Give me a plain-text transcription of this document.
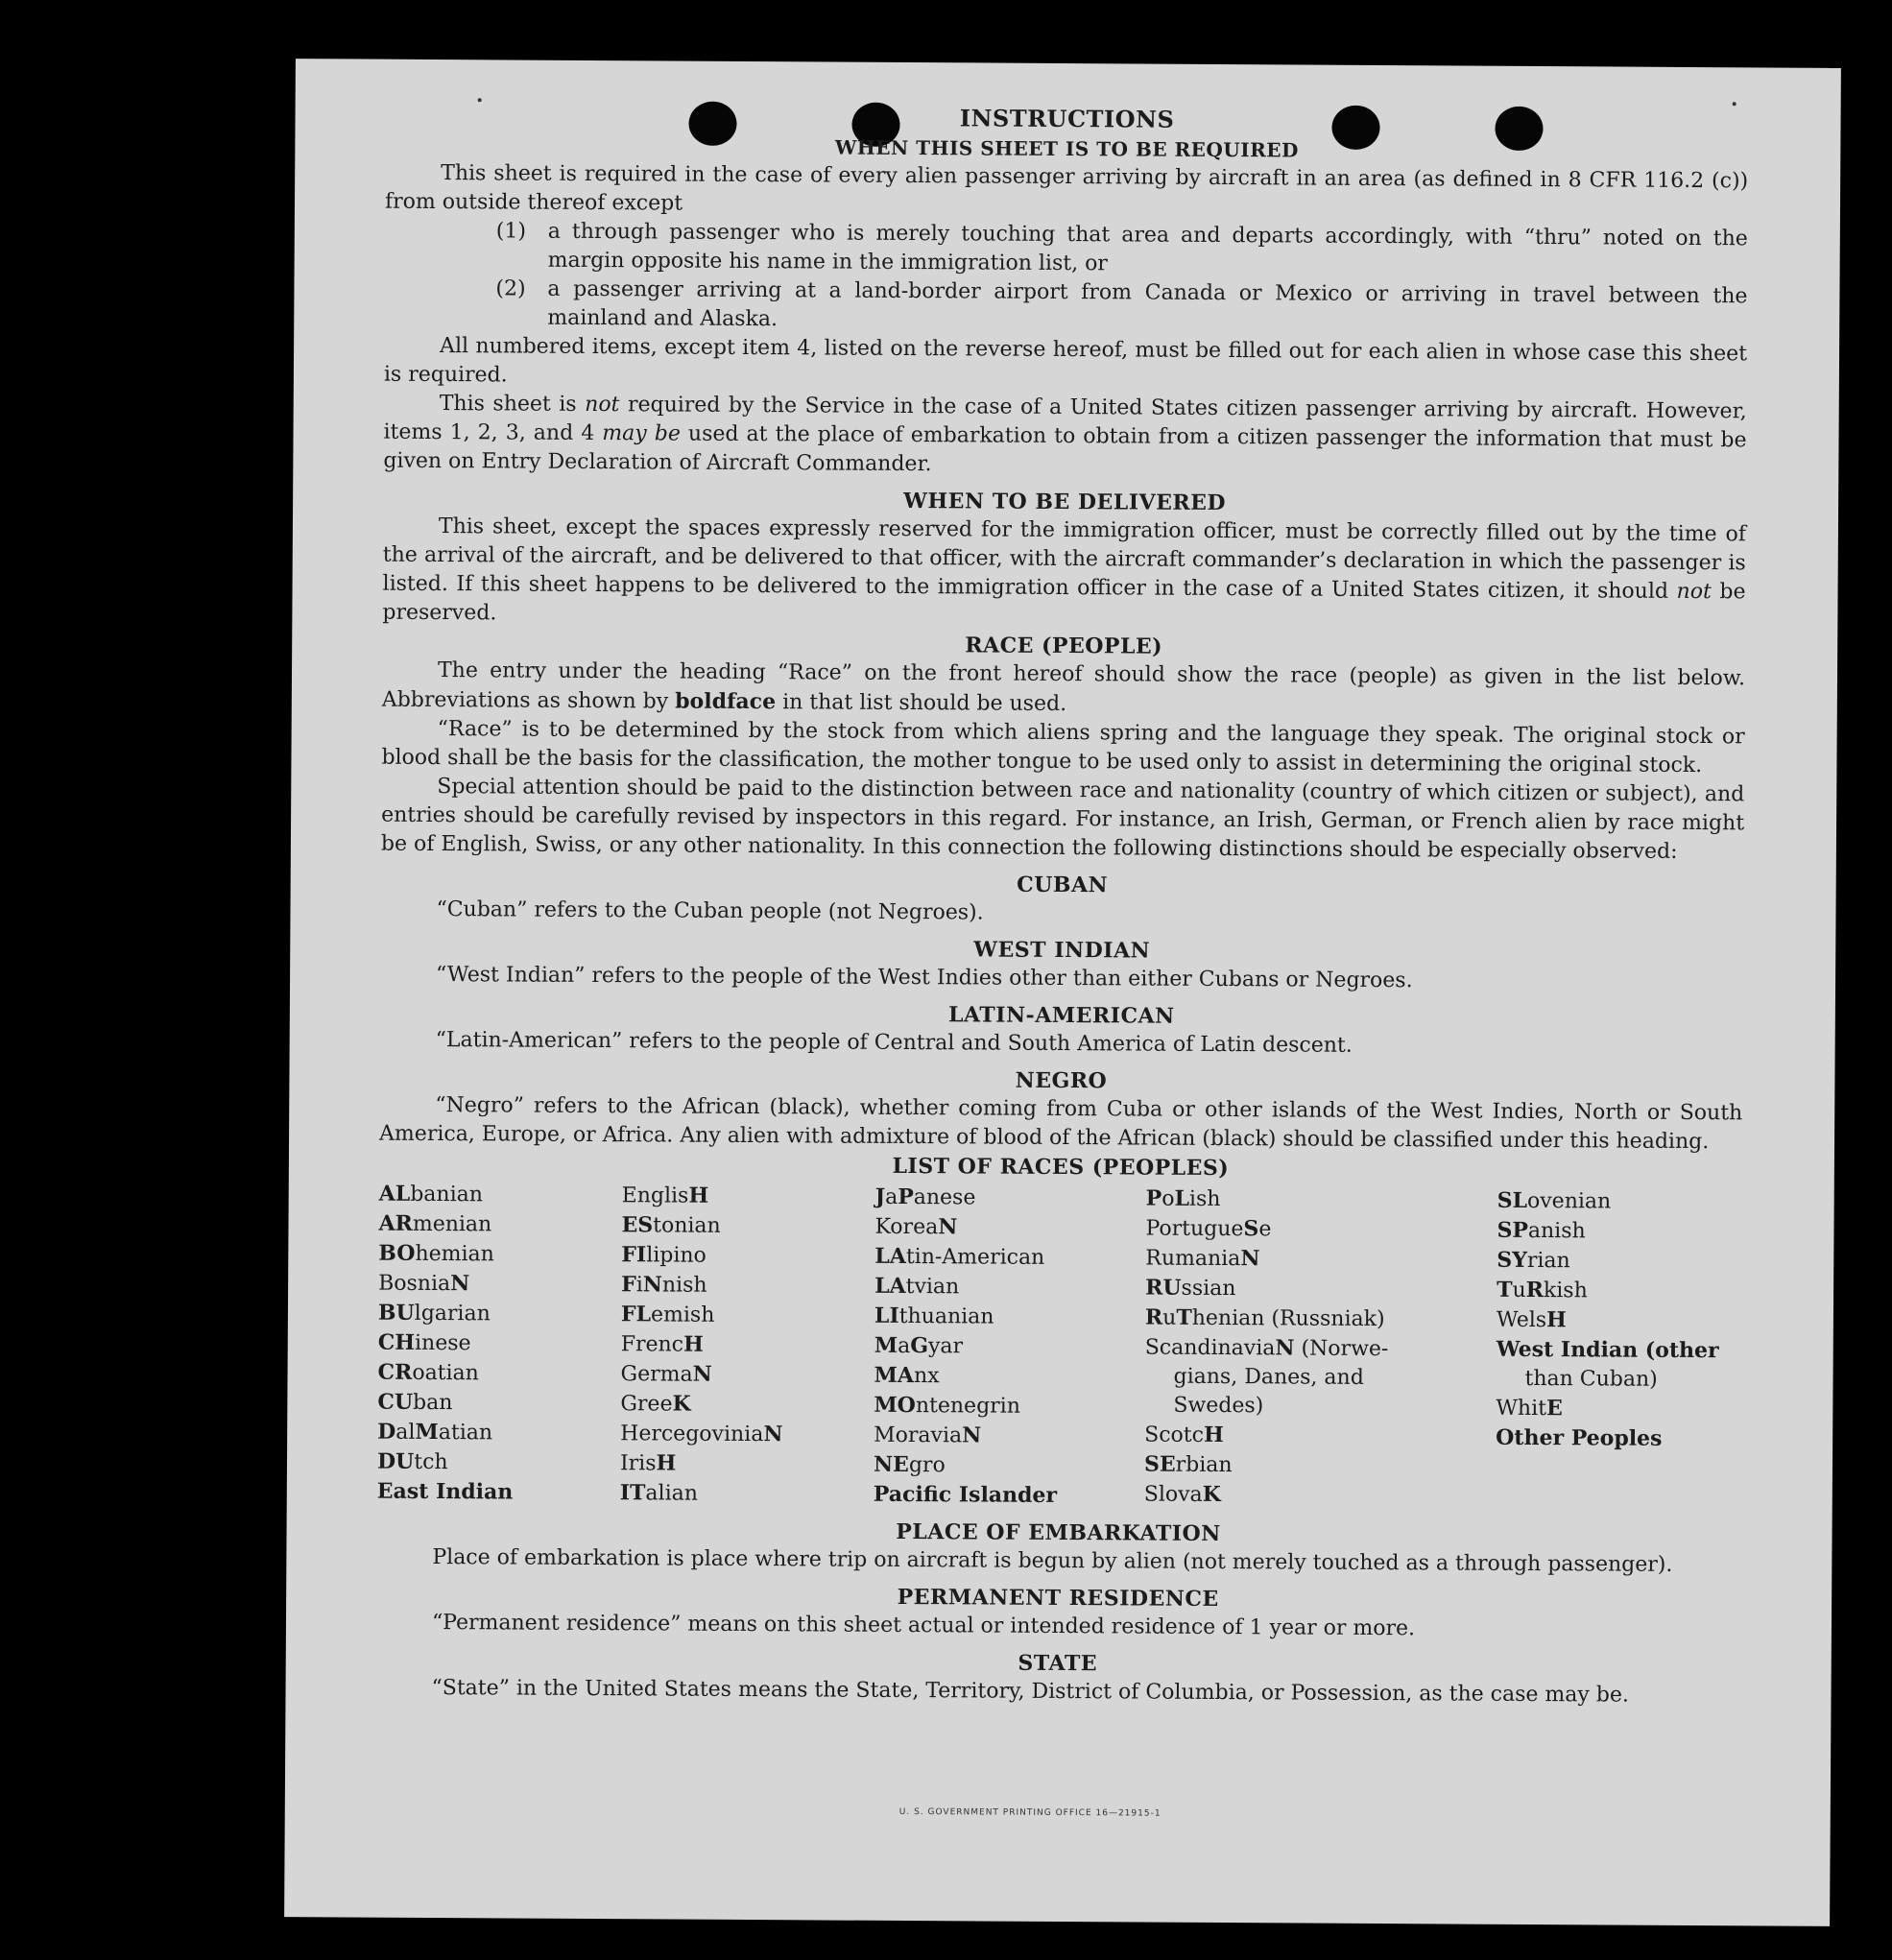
INSTRUCTIONS

WHEN THIS SHEET IS TO BE REQUIRED

This sheet is required in the case of every alien passenger arriving by aircraft in an area (as defined in 8 CFR 116.2 (c)) from outside thereof except

(1)	a through passenger who is merely touching that area and departs accordingly, with “thru” noted on the margin opposite his name in the immigration list, or

(2)	a passenger arriving at a land-border airport from Canada or Mexico or arriving in travel between the mainland and Alaska.

All numbered items, except item 4, listed on the reverse hereof, must be filled out for each alien in whose case this sheet is required.

This sheet is not required by the Service in the case of a United States citizen passenger arriving by aircraft. However, items 1, 2, 3, and 4 may be used at the place of embarkation to obtain from a citizen passenger the information that must be given on Entry Declaration of Aircraft Commander.

WHEN TO BE DELIVERED

This sheet, except the spaces expressly reserved for the immigration officer, must be correctly filled out by the time of the arrival of the aircraft, and be delivered to that officer, with the aircraft commander’s declaration in which the passenger is listed. If this sheet happens to be delivered to the immigration officer in the case of a United States citizen, it should not be preserved.

RACE (PEOPLE)

The entry under the heading “Race” on the front hereof should show the race (people) as given in the list below. Abbreviations as shown by boldface in that list should be used.

“Race” is to be determined by the stock from which aliens spring and the language they speak. The original stock or blood shall be the basis for the classification, the mother tongue to be used only to assist in determining the original stock.

Special attention should be paid to the distinction between race and nationality (country of which citizen or subject), and entries should be carefully revised by inspectors in this regard. For instance, an Irish, German, or French alien by race might be of English, Swiss, or any other nationality. In this connection the following distinctions should be especially observed:

CUBAN

“Cuban” refers to the Cuban people (not Negroes).

WEST INDIAN

“West Indian” refers to the people of the West Indies other than either Cubans or Negroes.

LATIN-AMERICAN

“Latin-American” refers to the people of Central and South America of Latin descent.

NEGRO

“Negro” refers to the African (black), whether coming from Cuba or other islands of the West Indies, North or South America, Europe, or Africa. Any alien with admixture of blood of the African (black) should be classified under this heading.

LIST OF RACES (PEOPLES)

ALbanian
ARmenian
BOhemian
BosniaN
BUlgarian
CHinese
CRoatian
CUban
DalMatian
DUtch
East Indian
EnglisH
EStonian
FIlipino
FiNnish
FLemish
FrencH
GermaN
GreeK
HercegoviniaN
IrisH
ITalian
JaPanese
KoreaN
LAtin-American
LAtvian
LIthuanian
MaGyar
MAnx
MOntenegrin
MoraviaN
NEgro
Pacific Islander
PoLish
PortugueSe
RumaniaN
RUssian
RuThenian (Russniak)
ScandinaviaN (Norwe-
gians, Danes, and
Swedes)
ScotcH
SErbian
SlovaK
SLovenian
SPanish
SYrian
TuRkish
WelsH
West Indian (other
than Cuban)
WhitE
Other Peoples

PLACE OF EMBARKATION

Place of embarkation is place where trip on aircraft is begun by alien (not merely touched as a through passenger).

PERMANENT RESIDENCE

“Permanent residence” means on this sheet actual or intended residence of 1 year or more.

STATE

“State” in the United States means the State, Territory, District of Columbia, or Possession, as the case may be.

U. S. GOVERNMENT PRINTING OFFICE 16—21915-1
